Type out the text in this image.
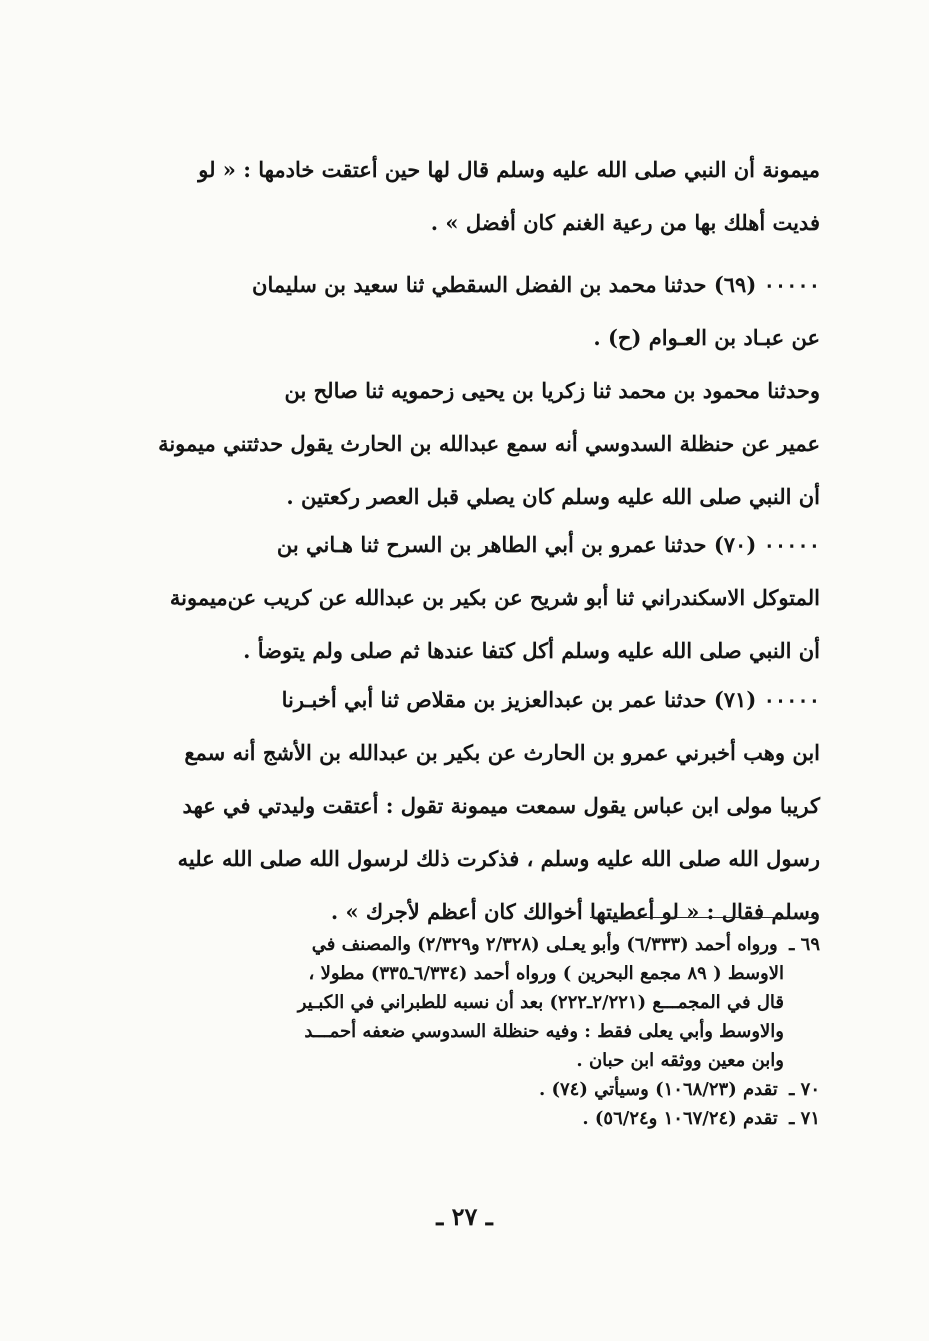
ميمونة أن النبي صلى الله عليه وسلم قال لها حين أعتقت خادمها : « لو
فديت أهلك بها من رعية الغنم كان أفضل » .
٠٠٠٠٠ (٦٩) حدثنا محمد بن الفضل السقطي ثنا سعيد بن سليمان
عن عبـاد بن العـوام (ح) .
وحدثنا محمود بن محمد ثنا زكريا بن يحيى زحمويه ثنا صالح بن
عمير عن حنظلة السدوسي أنه سمع عبدالله بن الحارث يقول حدثتني ميمونة
أن النبي صلى الله عليه وسلم كان يصلي قبل العصر ركعتين .
٠٠٠٠٠ (٧٠) حدثنا عمرو بن أبي الطاهر بن السرح ثنا هـاني بن
المتوكل الاسكندراني ثنا أبو شريح عن بكير بن عبدالله عن كريب عن‌ميمونة
أن النبي صلى الله عليه وسلم أكل كتفا عندها ثم صلى ولم يتوضأ .
٠٠٠٠٠ (٧١) حدثنا عمر بن عبدالعزيز بن مقلاص ثنا أبي أخبـرنا
ابن وهب أخبرني عمرو بن الحارث عن بكير بن عبدالله بن الأشج أنه سمع
كريبا مولى ابن عباس يقول سمعت ميمونة تقول : أعتقت وليدتي في عهد
رسول الله صلى الله عليه وسلم ، فذكرت ذلك لرسول الله صلى الله عليه
وسلم فقال : « لو أعطيتها أخوالك كان أعظم لأجرك » .
٦٩ ـ ورواه أحمد (٦/٣٣٣) وأبو يعـلى (٢/٣٢٨ و٢/٣٢٩) والمصنف في
الاوسط ( ٨٩ مجمع البحرين ) ورواه أحمد (٦/٣٣٤ـ٣٣٥) مطولا ،
قال في المجمـــع (٢/٢٢١ـ٢٢٢) بعد أن نسبه للطبراني في الكبـير
والاوسط وأبي يعلى فقط : وفيه حنظلة السدوسي ضعفه أحمـــد
وابن معين ووثقه ابن حبان .
٧٠ ـ تقدم (١٠٦٨/٢٣) وسيأتي (٧٤) .
٧١ ـ تقدم (١٠٦٧/٢٤ و٥٦/٢٤) .
ـ ٢٧ ـ
